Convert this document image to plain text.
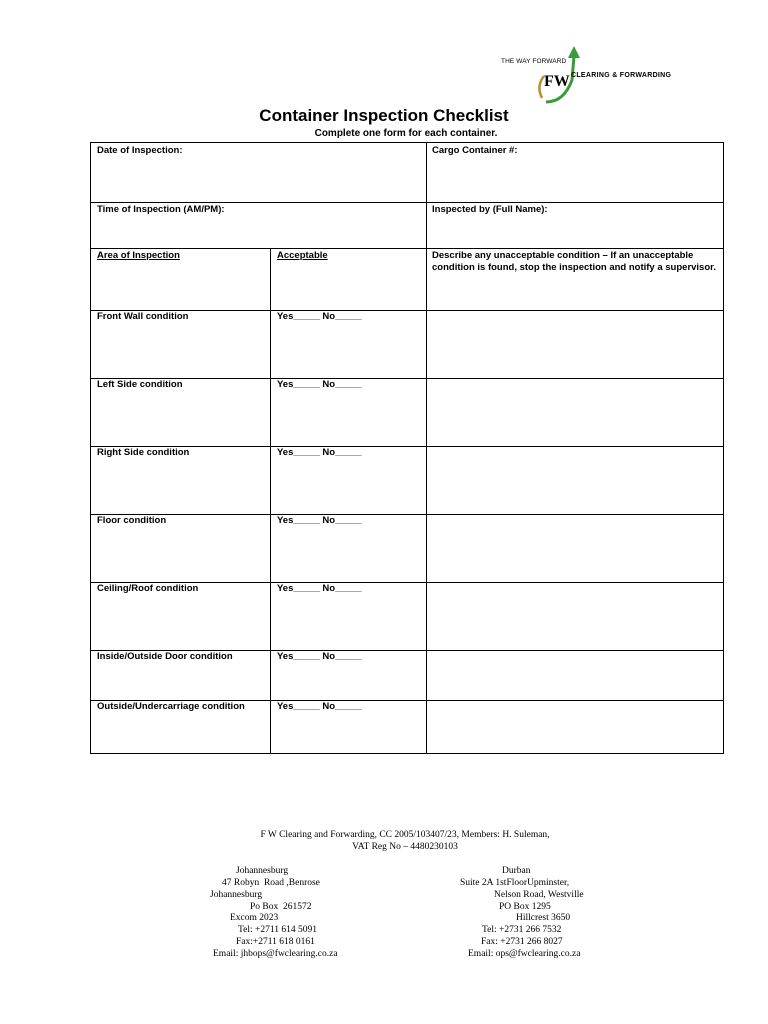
THE WAY FORWARD
FW CLEARING & FORWARDING
Container Inspection Checklist
Complete one form for each container.
Date of Inspection:	Cargo Container #:
Time of Inspection (AM/PM):	Inspected by (Full Name):
Area of Inspection	Acceptable	Describe any unacceptable condition – If an unacceptable condition is found, stop the inspection and notify a supervisor.
Front Wall condition	Yes_____ No_____
Left Side condition	Yes_____ No_____
Right Side condition	Yes_____ No_____
Floor condition	Yes_____ No_____
Ceiling/Roof condition	Yes_____ No_____
Inside/Outside Door condition	Yes_____ No_____
Outside/Undercarriage condition	Yes_____ No_____
F W Clearing and Forwarding, CC 2005/103407/23, Members: H. Suleman,
VAT Reg No – 4480230103
Johannesburg
47 Robyn  Road ,Benrose
Johannesburg
Po Box  261572
Excom 2023
Tel: +2711 614 5091
Fax:+2711 618 0161
Email: jhbops@fwclearing.co.za
Durban
Suite 2A 1stFloorUpminster,
Nelson Road, Westville
PO Box 1295
Hillcrest 3650
Tel: +2731 266 7532
Fax: +2731 266 8027
Email: ops@fwclearing.co.za
